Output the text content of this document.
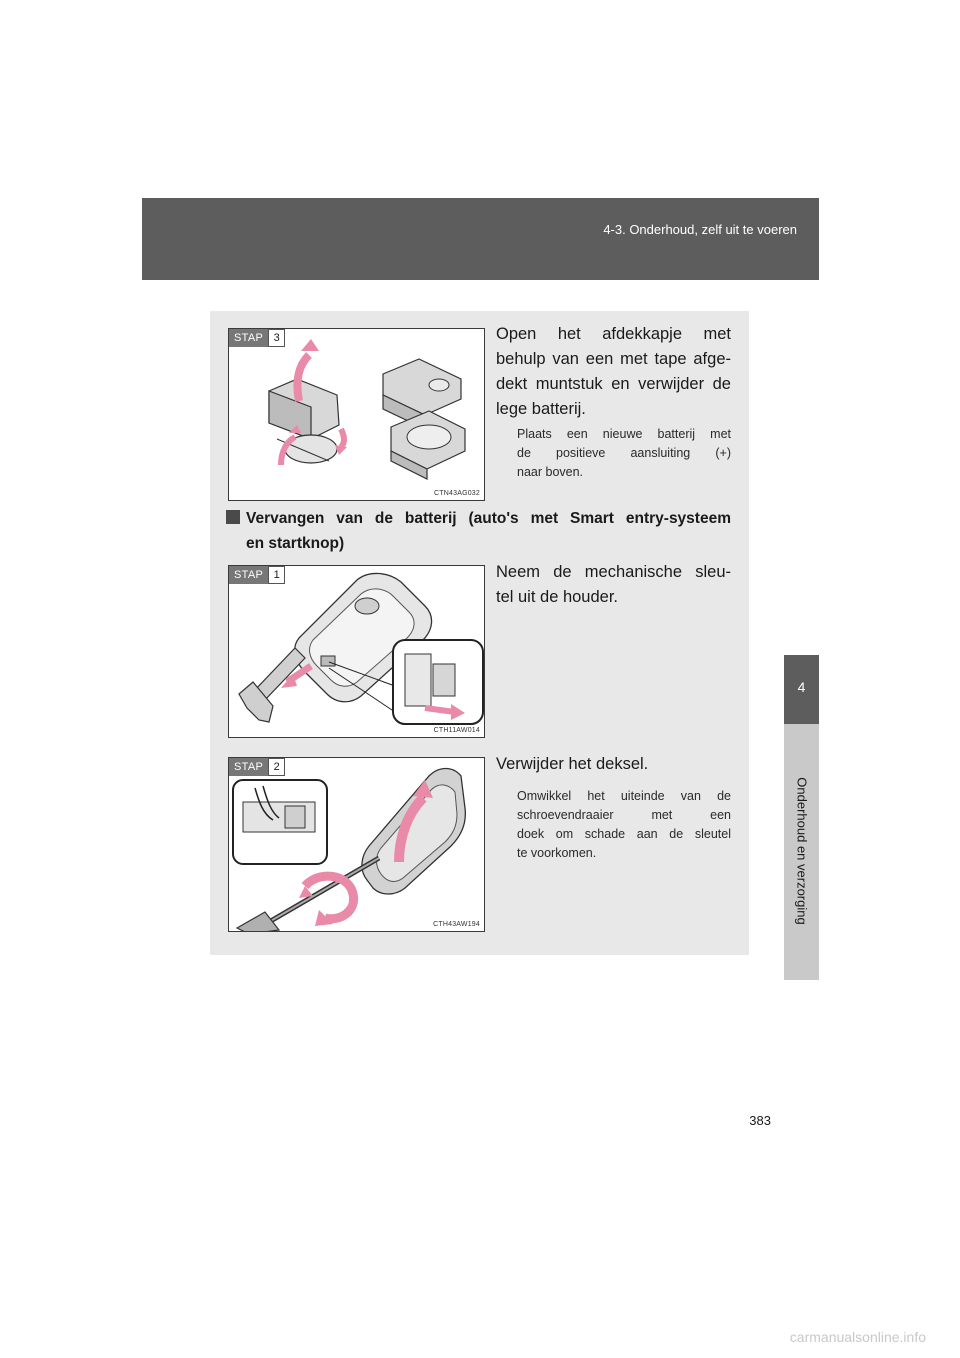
4-3. Onderhoud, zelf uit te voeren
4
Onderhoud en verzorging
STAP 3
CTN43AG032
Open het afdekkapje met
behulp van een met tape afge-
dekt muntstuk en verwijder de
lege batterij.
Plaats een nieuwe batterij met
de positieve aansluiting (+)
naar boven.
Vervangen van de batterij (auto's met Smart entry-systeem
en startknop)
STAP 1
CTH11AW014
Neem de mechanische sleu-
tel uit de houder.
STAP 2
CTH43AW194
Verwijder het deksel.
Omwikkel het uiteinde van de
schroevendraaier met een
doek om schade aan de sleutel
te voorkomen.
383
carmanualsonline.info
